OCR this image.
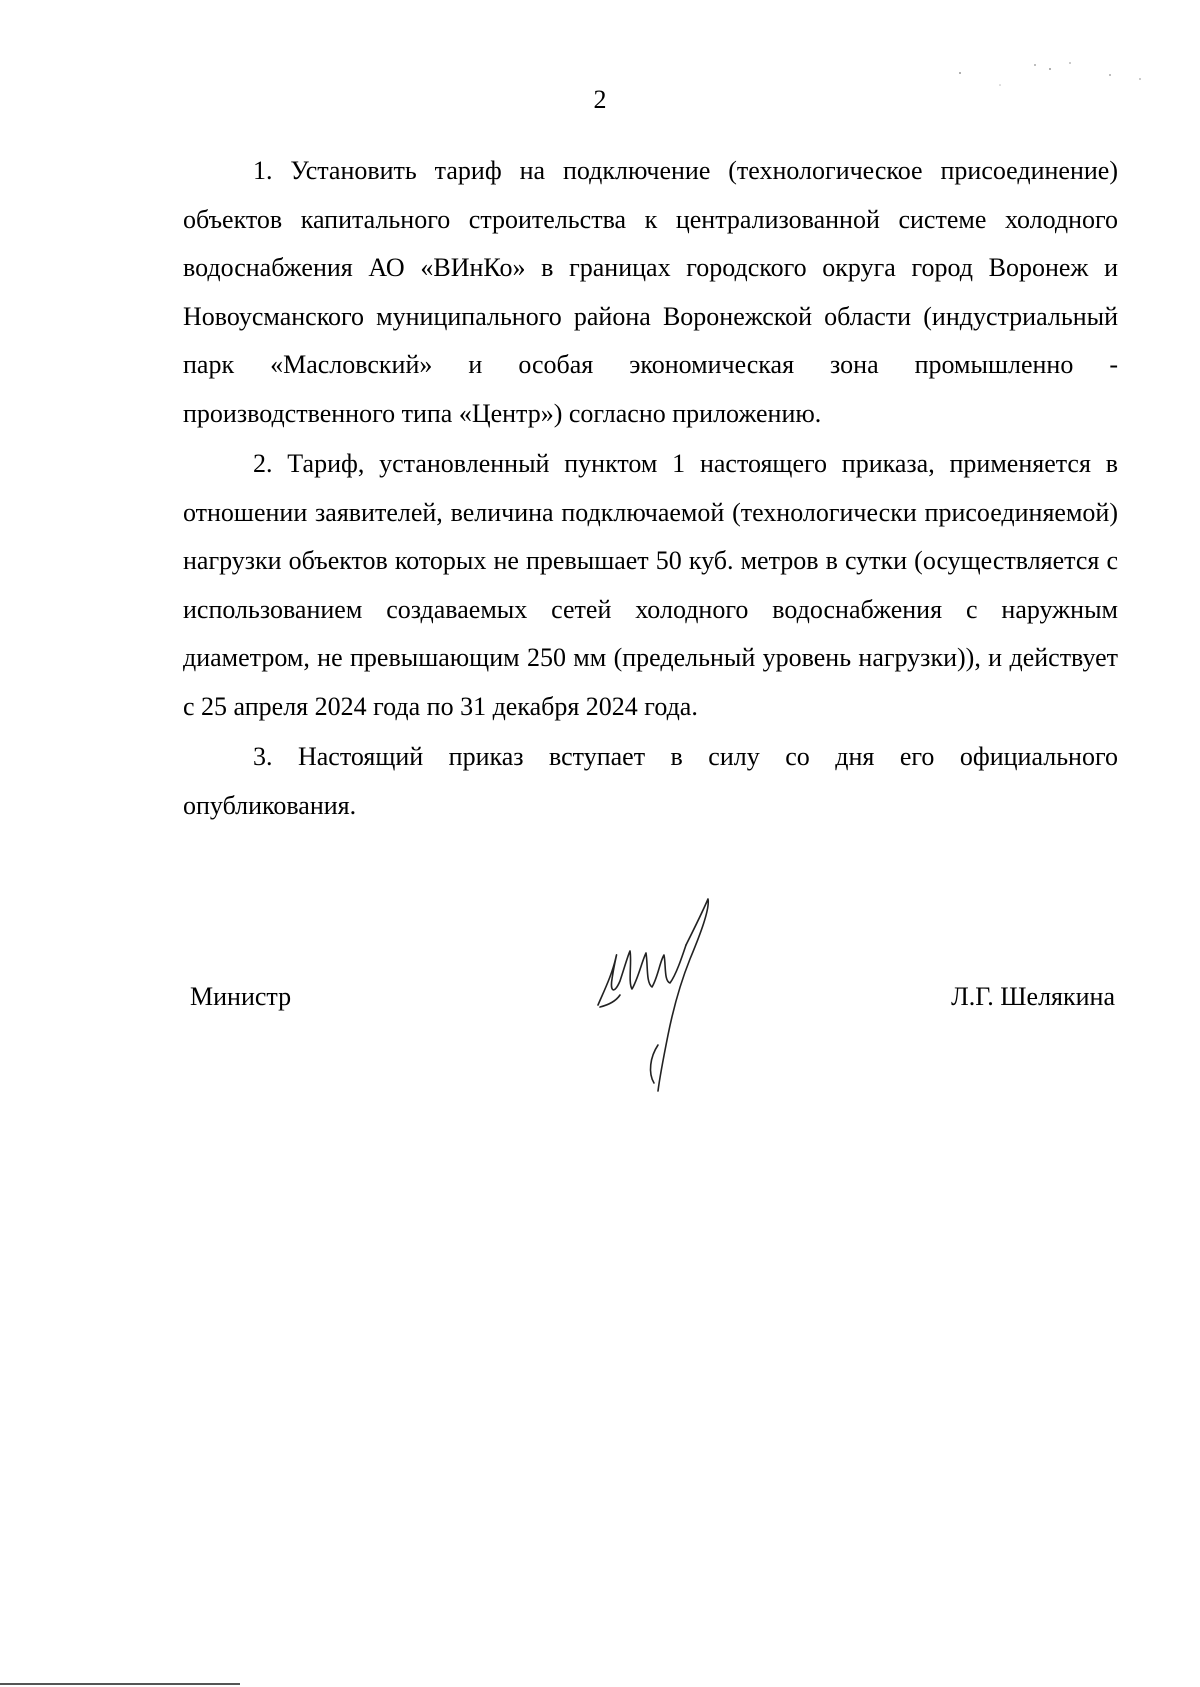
2

1. Установить тариф на подключение (технологическое присоединение) объектов капитального строительства к централизованной системе холодного водоснабжения АО «ВИнКо» в границах городского округа город Воронеж и Новоусманского муниципального района Воронежской области (индустриальный парк «Масловский» и особая экономическая зона промышленно - производственного типа «Центр») согласно приложению.

2. Тариф, установленный пунктом 1 настоящего приказа, применяется в отношении заявителей, величина подключаемой (технологически присоединяемой) нагрузки объектов которых не превышает 50 куб. метров в сутки (осуществляется с использованием создаваемых сетей холодного водоснабжения с наружным диаметром, не превышающим 250 мм (предельный уровень нагрузки)), и действует с 25 апреля 2024 года по 31 декабря 2024 года.

3. Настоящий приказ вступает в силу со дня его официального опубликования.

Министр	Л.Г. Шелякина
